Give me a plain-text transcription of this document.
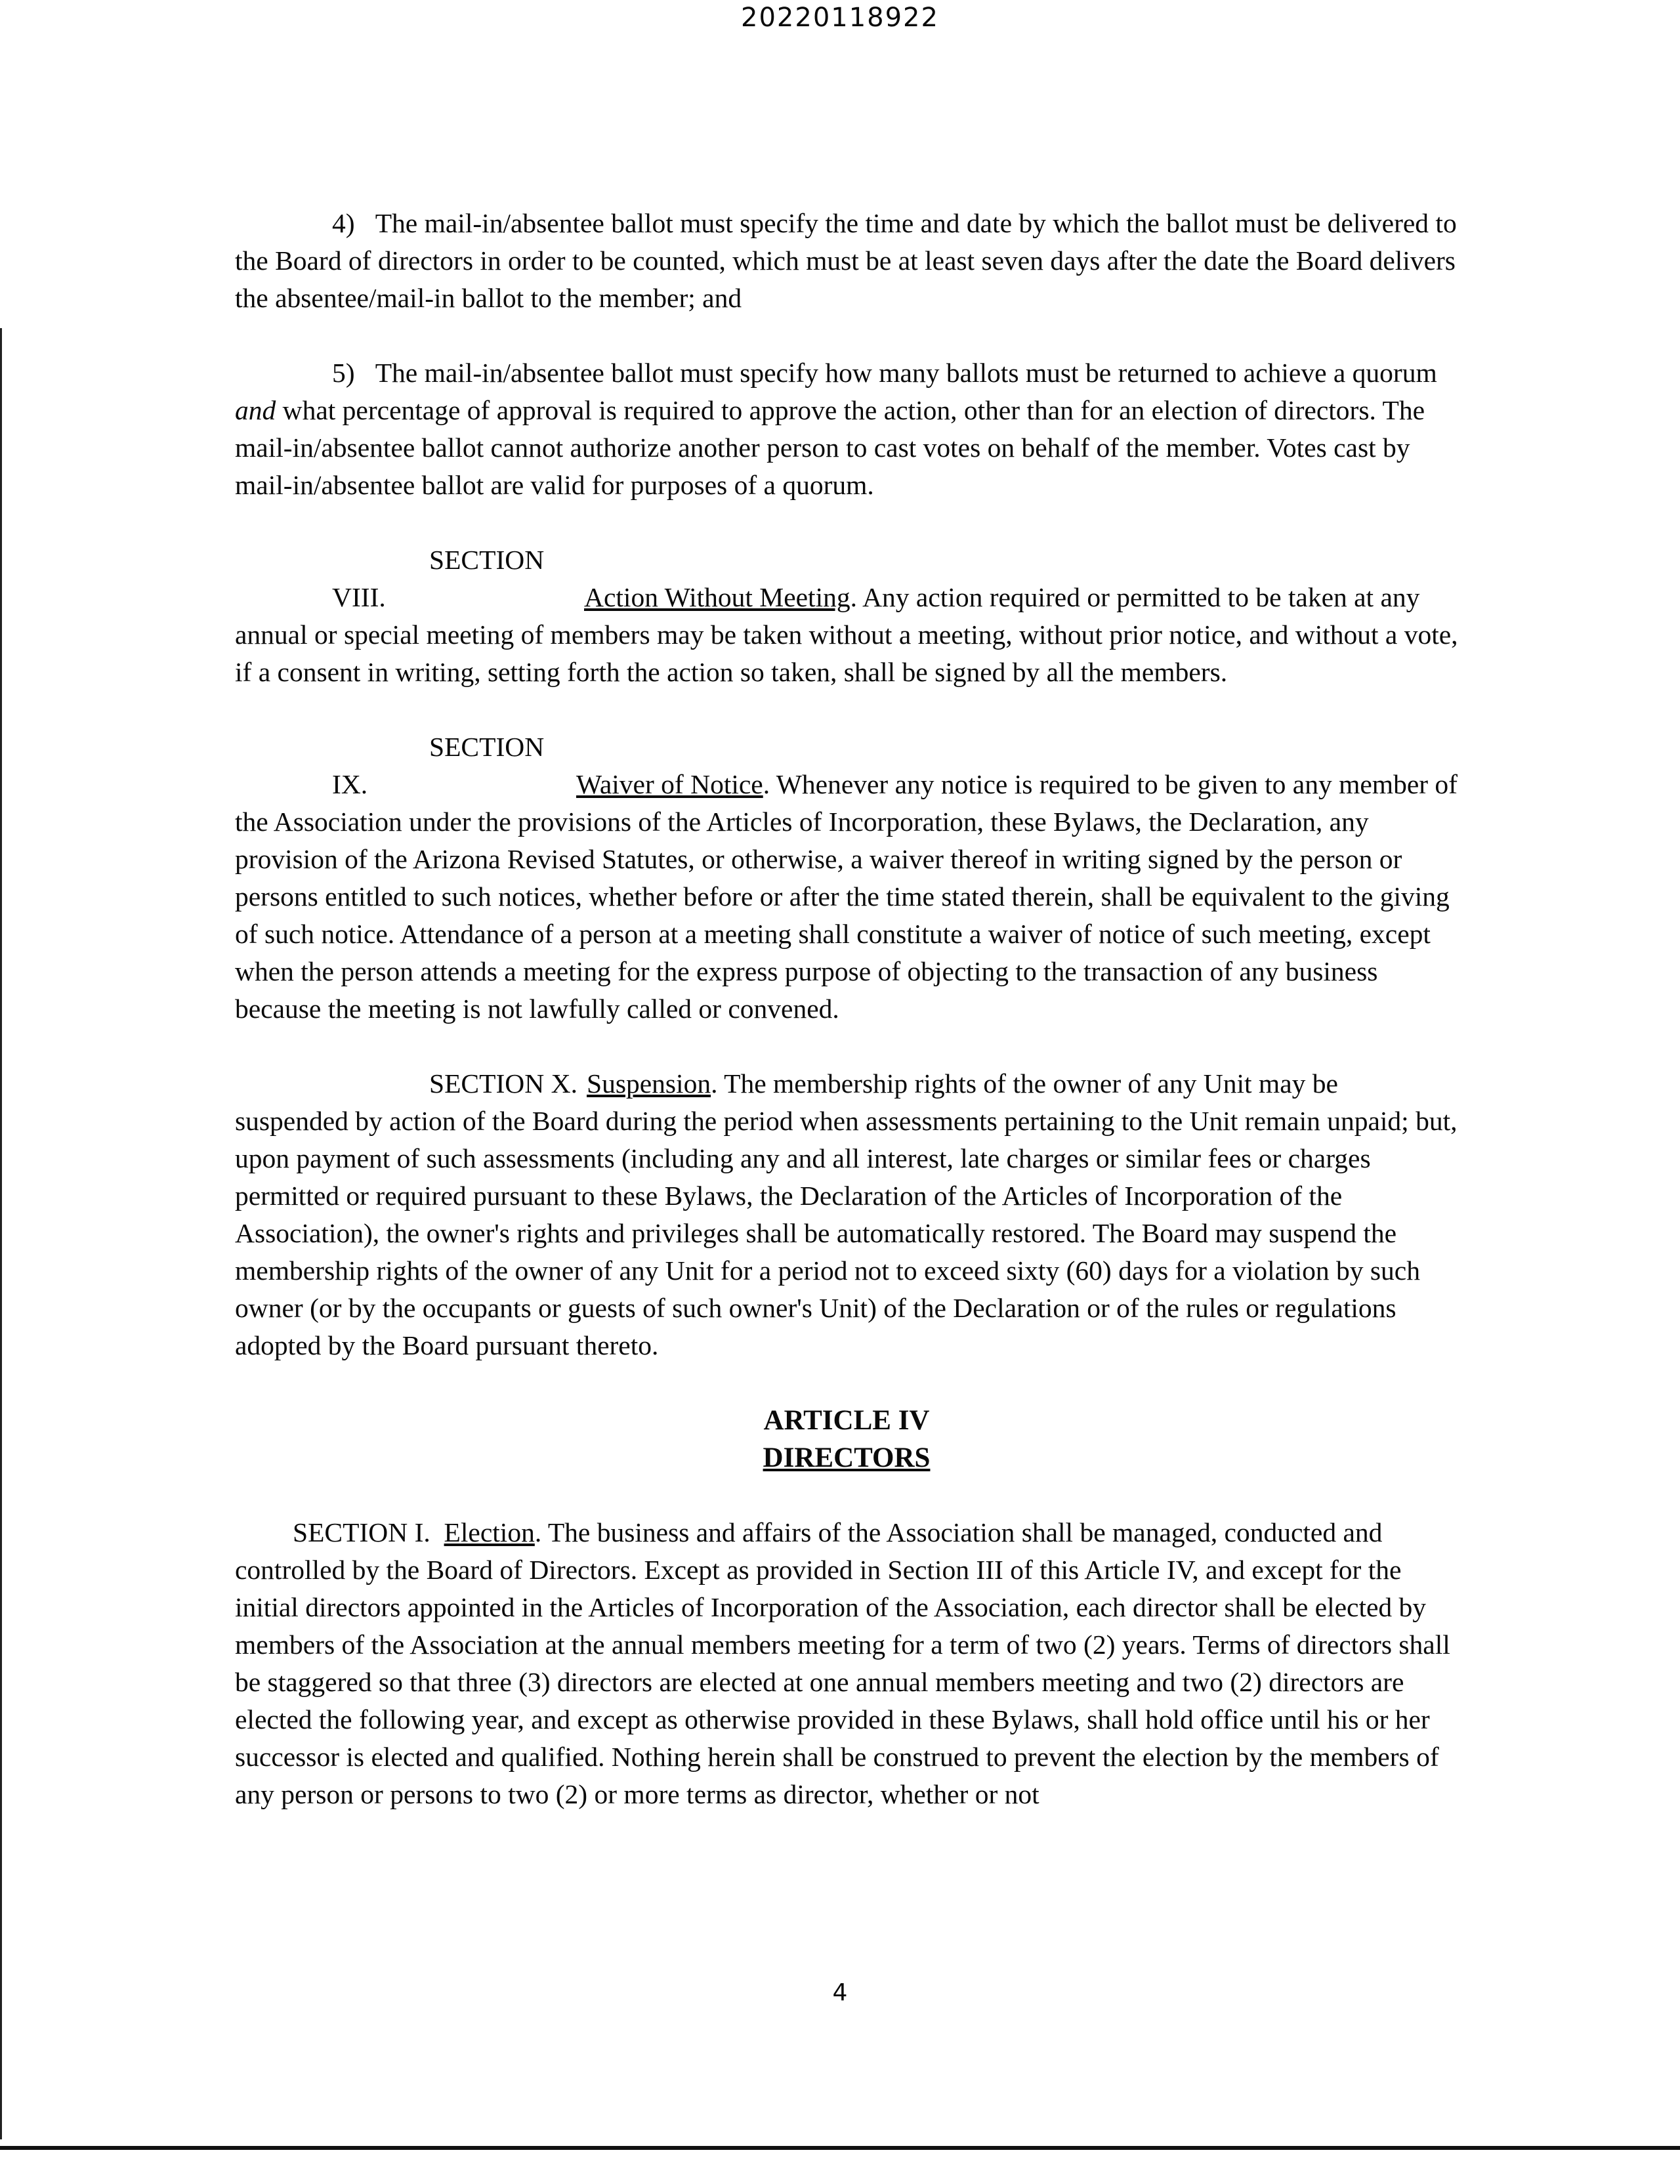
20220118922

4) The mail-in/absentee ballot must specify the time and date by which the ballot must be delivered to the Board of directors in order to be counted, which must be at least seven days after the date the Board delivers the absentee/mail-in ballot to the member; and

5) The mail-in/absentee ballot must specify how many ballots must be returned to achieve a quorum and what percentage of approval is required to approve the action, other than for an election of directors. The mail-in/absentee ballot cannot authorize another person to cast votes on behalf of the member. Votes cast by mail-in/absentee ballot are valid for purposes of a quorum.

SECTION VIII.	Action Without Meeting. Any action required or permitted to be taken at any annual or special meeting of members may be taken without a meeting, without prior notice, and without a vote, if a consent in writing, setting forth the action so taken, shall be signed by all the members.

SECTION IX.	Waiver of Notice. Whenever any notice is required to be given to any member of the Association under the provisions of the Articles of Incorporation, these Bylaws, the Declaration, any provision of the Arizona Revised Statutes, or otherwise, a waiver thereof in writing signed by the person or persons entitled to such notices, whether before or after the time stated therein, shall be equivalent to the giving of such notice. Attendance of a person at a meeting shall constitute a waiver of notice of such meeting, except when the person attends a meeting for the express purpose of objecting to the transaction of any business because the meeting is not lawfully called or convened.

SECTION X. Suspension. The membership rights of the owner of any Unit may be suspended by action of the Board during the period when assessments pertaining to the Unit remain unpaid; but, upon payment of such assessments (including any and all interest, late charges or similar fees or charges permitted or required pursuant to these Bylaws, the Declaration of the Articles of Incorporation of the Association), the owner's rights and privileges shall be automatically restored. The Board may suspend the membership rights of the owner of any Unit for a period not to exceed sixty (60) days for a violation by such owner (or by the occupants or guests of such owner's Unit) of the Declaration or of the rules or regulations adopted by the Board pursuant thereto.

ARTICLE IV
DIRECTORS

SECTION I. Election. The business and affairs of the Association shall be managed, conducted and controlled by the Board of Directors. Except as provided in Section III of this Article IV, and except for the initial directors appointed in the Articles of Incorporation of the Association, each director shall be elected by members of the Association at the annual members meeting for a term of two (2) years. Terms of directors shall be staggered so that three (3) directors are elected at one annual members meeting and two (2) directors are elected the following year, and except as otherwise provided in these Bylaws, shall hold office until his or her successor is elected and qualified. Nothing herein shall be construed to prevent the election by the members of any person or persons to two (2) or more terms as director, whether or not

4
